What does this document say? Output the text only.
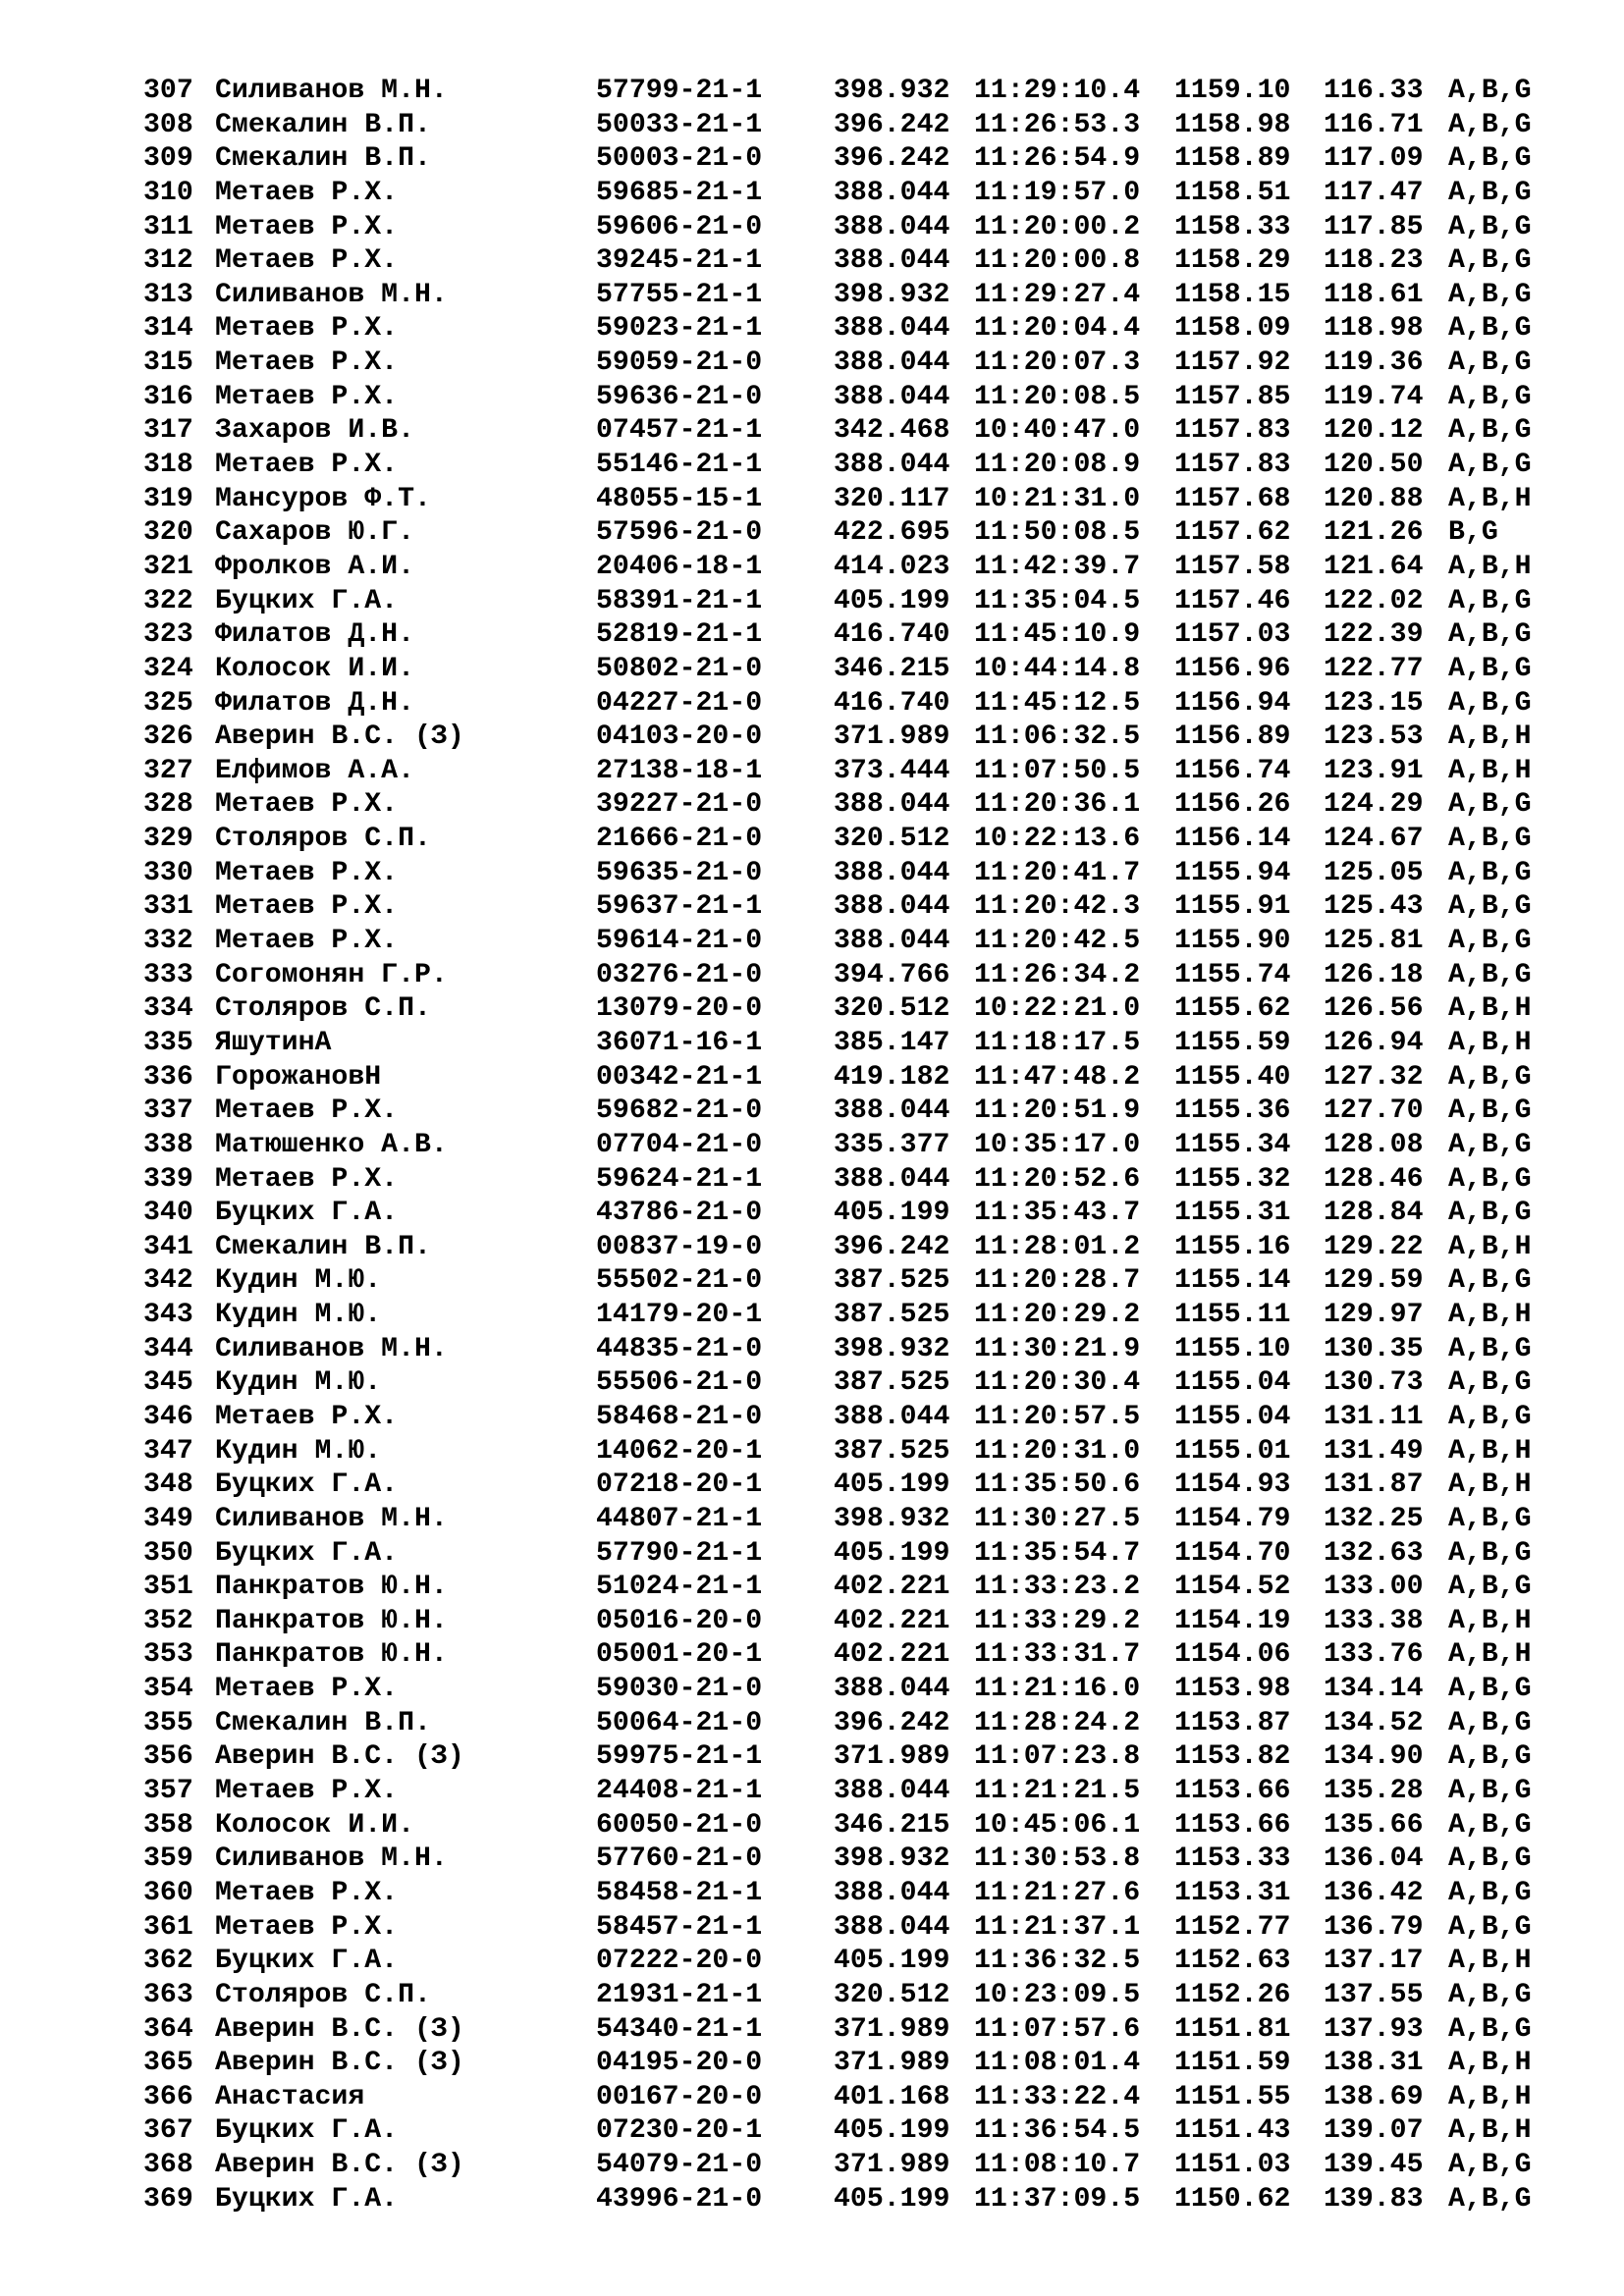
307 Силиванов М.Н.	57799-21-1	398.932 11:29:10.4 1159.10 116.33 A,B,G
308 Смекалин В.П.	50033-21-1	396.242 11:26:53.3 1158.98 116.71 A,B,G
309 Смекалин В.П.	50003-21-0	396.242 11:26:54.9 1158.89 117.09 A,B,G
310 Метаев Р.Х.	59685-21-1	388.044 11:19:57.0 1158.51 117.47 A,B,G
311 Метаев Р.Х.	59606-21-0	388.044 11:20:00.2 1158.33 117.85 A,B,G
312 Метаев Р.Х.	39245-21-1	388.044 11:20:00.8 1158.29 118.23 A,B,G
313 Силиванов М.Н.	57755-21-1	398.932 11:29:27.4 1158.15 118.61 A,B,G
314 Метаев Р.Х.	59023-21-1	388.044 11:20:04.4 1158.09 118.98 A,B,G
315 Метаев Р.Х.	59059-21-0	388.044 11:20:07.3 1157.92 119.36 A,B,G
316 Метаев Р.Х.	59636-21-0	388.044 11:20:08.5 1157.85 119.74 A,B,G
317 Захаров И.В.	07457-21-1	342.468 10:40:47.0 1157.83 120.12 A,B,G
318 Метаев Р.Х.	55146-21-1	388.044 11:20:08.9 1157.83 120.50 A,B,G
319 Мансуров Ф.Т.	48055-15-1	320.117 10:21:31.0 1157.68 120.88 A,B,H
320 Сахаров Ю.Г.	57596-21-0	422.695 11:50:08.5 1157.62 121.26 B,G
321 Фролков А.И.	20406-18-1	414.023 11:42:39.7 1157.58 121.64 A,B,H
322 Буцких Г.А.	58391-21-1	405.199 11:35:04.5 1157.46 122.02 A,B,G
323 Филатов Д.Н.	52819-21-1	416.740 11:45:10.9 1157.03 122.39 A,B,G
324 Колосок И.И.	50802-21-0	346.215 10:44:14.8 1156.96 122.77 A,B,G
325 Филатов Д.Н.	04227-21-0	416.740 11:45:12.5 1156.94 123.15 A,B,G
326 Аверин В.С. (З)	04103-20-0	371.989 11:06:32.5 1156.89 123.53 A,B,H
327 Елфимов А.А.	27138-18-1	373.444 11:07:50.5 1156.74 123.91 A,B,H
328 Метаев Р.Х.	39227-21-0	388.044 11:20:36.1 1156.26 124.29 A,B,G
329 Столяров С.П.	21666-21-0	320.512 10:22:13.6 1156.14 124.67 A,B,G
330 Метаев Р.Х.	59635-21-0	388.044 11:20:41.7 1155.94 125.05 A,B,G
331 Метаев Р.Х.	59637-21-1	388.044 11:20:42.3 1155.91 125.43 A,B,G
332 Метаев Р.Х.	59614-21-0	388.044 11:20:42.5 1155.90 125.81 A,B,G
333 Согомонян Г.Р.	03276-21-0	394.766 11:26:34.2 1155.74 126.18 A,B,G
334 Столяров С.П.	13079-20-0	320.512 10:22:21.0 1155.62 126.56 A,B,H
335 ЯшутинА	36071-16-1	385.147 11:18:17.5 1155.59 126.94 A,B,H
336 ГорожановН	00342-21-1	419.182 11:47:48.2 1155.40 127.32 A,B,G
337 Метаев Р.Х.	59682-21-0	388.044 11:20:51.9 1155.36 127.70 A,B,G
338 Матюшенко А.В.	07704-21-0	335.377 10:35:17.0 1155.34 128.08 A,B,G
339 Метаев Р.Х.	59624-21-1	388.044 11:20:52.6 1155.32 128.46 A,B,G
340 Буцких Г.А.	43786-21-0	405.199 11:35:43.7 1155.31 128.84 A,B,G
341 Смекалин В.П.	00837-19-0	396.242 11:28:01.2 1155.16 129.22 A,B,H
342 Кудин М.Ю.	55502-21-0	387.525 11:20:28.7 1155.14 129.59 A,B,G
343 Кудин М.Ю.	14179-20-1	387.525 11:20:29.2 1155.11 129.97 A,B,H
344 Силиванов М.Н.	44835-21-0	398.932 11:30:21.9 1155.10 130.35 A,B,G
345 Кудин М.Ю.	55506-21-0	387.525 11:20:30.4 1155.04 130.73 A,B,G
346 Метаев Р.Х.	58468-21-0	388.044 11:20:57.5 1155.04 131.11 A,B,G
347 Кудин М.Ю.	14062-20-1	387.525 11:20:31.0 1155.01 131.49 A,B,H
348 Буцких Г.А.	07218-20-1	405.199 11:35:50.6 1154.93 131.87 A,B,H
349 Силиванов М.Н.	44807-21-1	398.932 11:30:27.5 1154.79 132.25 A,B,G
350 Буцких Г.А.	57790-21-1	405.199 11:35:54.7 1154.70 132.63 A,B,G
351 Панкратов Ю.Н.	51024-21-1	402.221 11:33:23.2 1154.52 133.00 A,B,G
352 Панкратов Ю.Н.	05016-20-0	402.221 11:33:29.2 1154.19 133.38 A,B,H
353 Панкратов Ю.Н.	05001-20-1	402.221 11:33:31.7 1154.06 133.76 A,B,H
354 Метаев Р.Х.	59030-21-0	388.044 11:21:16.0 1153.98 134.14 A,B,G
355 Смекалин В.П.	50064-21-0	396.242 11:28:24.2 1153.87 134.52 A,B,G
356 Аверин В.С. (З)	59975-21-1	371.989 11:07:23.8 1153.82 134.90 A,B,G
357 Метаев Р.Х.	24408-21-1	388.044 11:21:21.5 1153.66 135.28 A,B,G
358 Колосок И.И.	60050-21-0	346.215 10:45:06.1 1153.66 135.66 A,B,G
359 Силиванов М.Н.	57760-21-0	398.932 11:30:53.8 1153.33 136.04 A,B,G
360 Метаев Р.Х.	58458-21-1	388.044 11:21:27.6 1153.31 136.42 A,B,G
361 Метаев Р.Х.	58457-21-1	388.044 11:21:37.1 1152.77 136.79 A,B,G
362 Буцких Г.А.	07222-20-0	405.199 11:36:32.5 1152.63 137.17 A,B,H
363 Столяров С.П.	21931-21-1	320.512 10:23:09.5 1152.26 137.55 A,B,G
364 Аверин В.С. (З)	54340-21-1	371.989 11:07:57.6 1151.81 137.93 A,B,G
365 Аверин В.С. (З)	04195-20-0	371.989 11:08:01.4 1151.59 138.31 A,B,H
366 Анастасия	00167-20-0	401.168 11:33:22.4 1151.55 138.69 A,B,H
367 Буцких Г.А.	07230-20-1	405.199 11:36:54.5 1151.43 139.07 A,B,H
368 Аверин В.С. (З)	54079-21-0	371.989 11:08:10.7 1151.03 139.45 A,B,G
369 Буцких Г.А.	43996-21-0	405.199 11:37:09.5 1150.62 139.83 A,B,G
